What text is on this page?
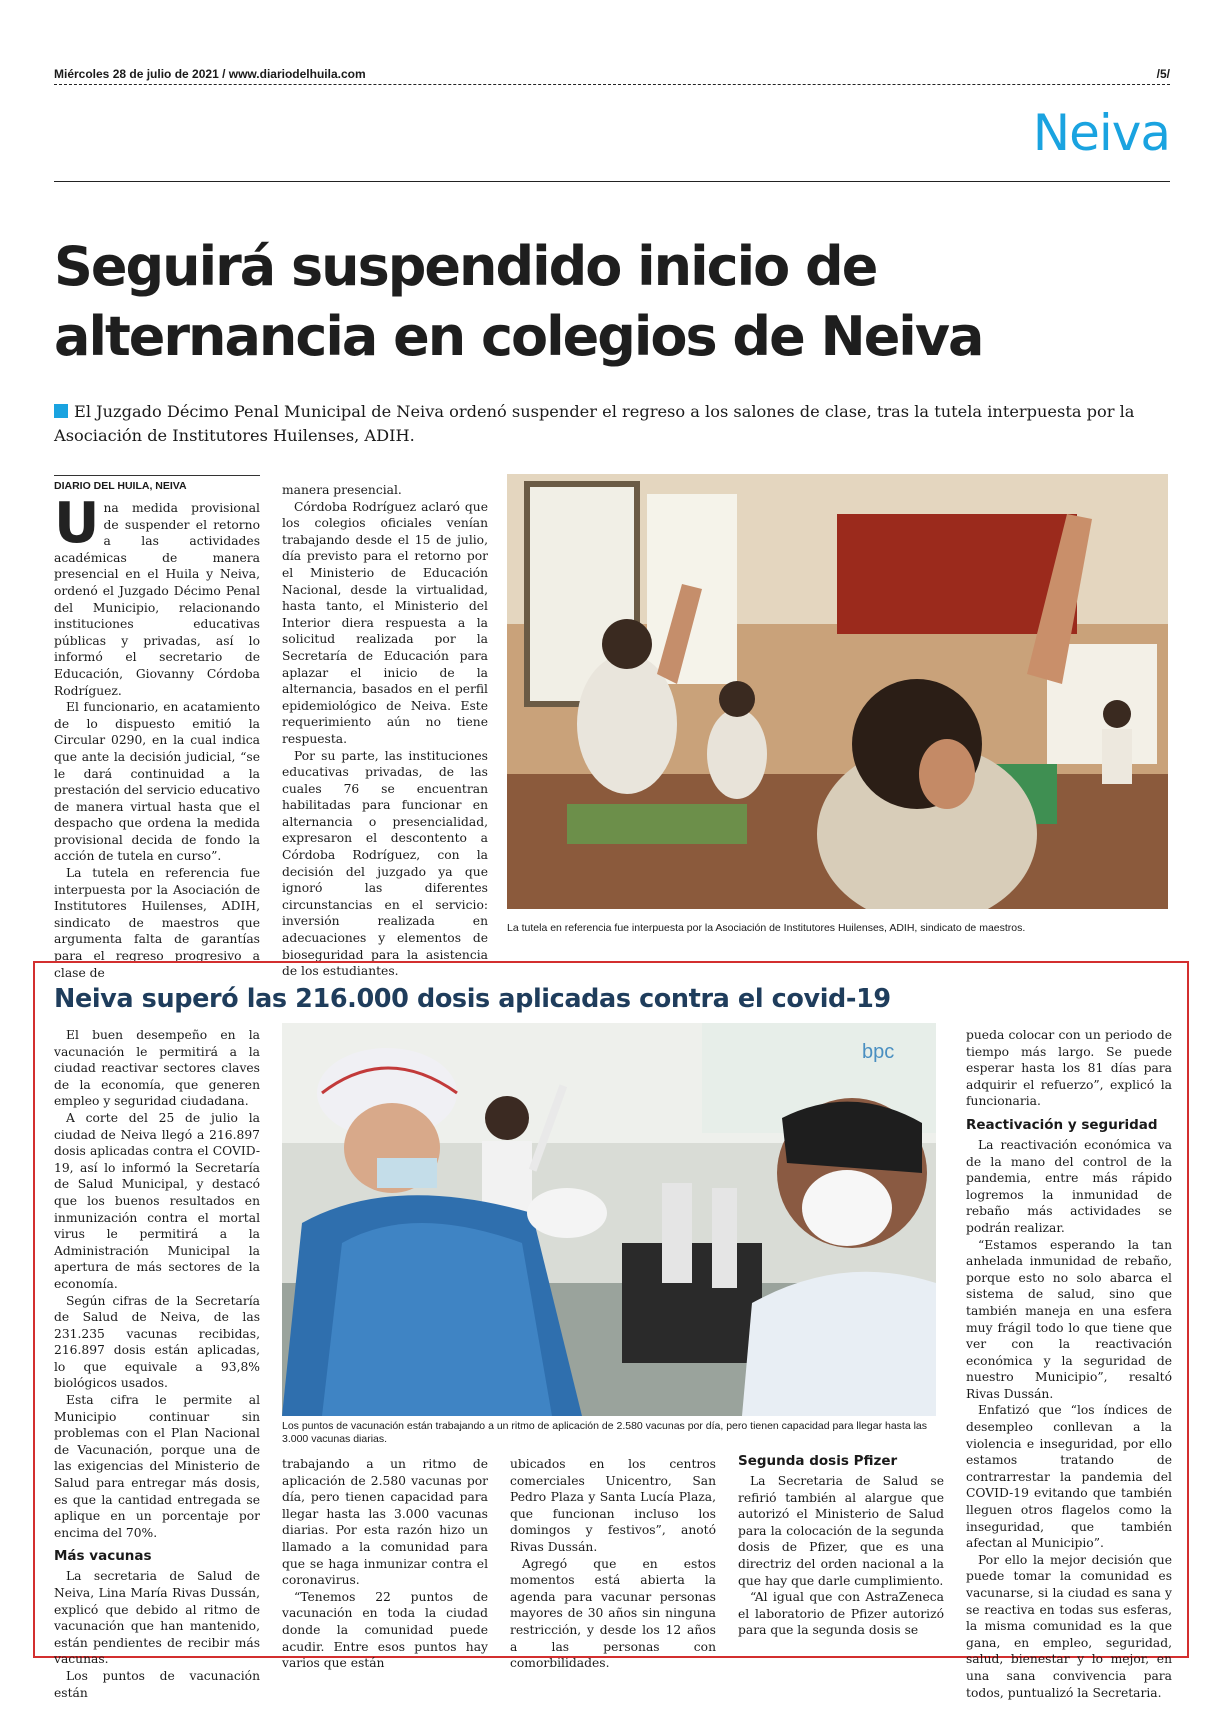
Miércoles 28 de julio de 2021 / www.diariodelhuila.com	/5/
Neiva
Seguirá suspendido inicio de
alternancia en colegios de Neiva
El Juzgado Décimo Penal Municipal de Neiva ordenó suspender el regreso a los salones de clase, tras la tutela interpuesta por la Asociación de Institutores Huilenses, ADIH.
DIARIO DEL HUILA, NEIVA

Una medida provisional de suspender el retorno a las actividades académicas de manera presencial en el Huila y Neiva, ordenó el Juzgado Décimo Penal del Municipio, relacionando instituciones educativas públicas y privadas, así lo informó el secretario de Educación, Giovanny Córdoba Rodríguez.

El funcionario, en acatamiento de lo dispuesto emitió la Circular 0290, en la cual indica que ante la decisión judicial, “se le dará continuidad a la prestación del servicio educativo de manera virtual hasta que el despacho que ordena la medida provisional decida de fondo la acción de tutela en curso”.

La tutela en referencia fue interpuesta por la Asociación de Institutores Huilenses, ADIH, sindicato de maestros que argumenta falta de garantías para el regreso progresivo a clase de

manera presencial.

Córdoba Rodríguez aclaró que los colegios oficiales venían trabajando desde el 15 de julio, día previsto para el retorno por el Ministerio de Educación Nacional, desde la virtualidad, hasta tanto, el Ministerio del Interior diera respuesta a la solicitud realizada por la Secretaría de Educación para aplazar el inicio de la alternancia, basados en el perfil epidemiológico de Neiva. Este requerimiento aún no tiene respuesta.

Por su parte, las instituciones educativas privadas, de las cuales 76 se encuentran habilitadas para funcionar en alternancia o presencialidad, expresaron el descontento a Córdoba Rodríguez, con la decisión del juzgado ya que ignoró las diferentes circunstancias en el servicio: inversión realizada en adecuaciones y elementos de bioseguridad para la asistencia de los estudiantes.

La tutela en referencia fue interpuesta por la Asociación de Institutores Huilenses, ADIH, sindicato de maestros.
Neiva superó las 216.000 dosis aplicadas contra el covid-19

El buen desempeño en la vacunación le permitirá a la ciudad reactivar sectores claves de la economía, que generen empleo y seguridad ciudadana.

A corte del 25 de julio la ciudad de Neiva llegó a 216.897 dosis aplicadas contra el COVID-19, así lo informó la Secretaría de Salud Municipal, y destacó que los buenos resultados en inmunización contra el mortal virus le permitirá a la Administración Municipal la apertura de más sectores de la economía.

Según cifras de la Secretaría de Salud de Neiva, de las 231.235 vacunas recibidas, 216.897 dosis están aplicadas, lo que equivale a 93,8% biológicos usados.

Esta cifra le permite al Municipio continuar sin problemas con el Plan Nacional de Vacunación, porque una de las exigencias del Ministerio de Salud para entregar más dosis, es que la cantidad entregada se aplique en un porcentaje por encima del 70%.

Más vacunas

La secretaria de Salud de Neiva, Lina María Rivas Dussán, explicó que debido al ritmo de vacunación que han mantenido, están pendientes de recibir más vacunas.

Los puntos de vacunación están

bpc
Los puntos de vacunación están trabajando a un ritmo de aplicación de 2.580 vacunas por día, pero tienen capacidad para llegar hasta las 3.000 vacunas diarias.

trabajando a un ritmo de aplicación de 2.580 vacunas por día, pero tienen capacidad para llegar hasta las 3.000 vacunas diarias. Por esta razón hizo un llamado a la comunidad para que se haga inmunizar contra el coronavirus.

“Tenemos 22 puntos de vacunación en toda la ciudad donde la comunidad puede acudir. Entre esos puntos hay varios que están

ubicados en los centros comerciales Unicentro, San Pedro Plaza y Santa Lucía Plaza, que funcionan incluso los domingos y festivos”, anotó Rivas Dussán.

Agregó que en estos momentos está abierta la agenda para vacunar personas mayores de 30 años sin ninguna restricción, y desde los 12 años a las personas con comorbilidades.

Segunda dosis Pfizer

La Secretaria de Salud se refirió también al alargue que autorizó el Ministerio de Salud para la colocación de la segunda dosis de Pfizer, que es una directriz del orden nacional a la que hay que darle cumplimiento.

“Al igual que con AstraZeneca el laboratorio de Pfizer autorizó para que la segunda dosis se

pueda colocar con un periodo de tiempo más largo. Se puede esperar hasta los 81 días para adquirir el refuerzo”, explicó la funcionaria.

Reactivación y seguridad

La reactivación económica va de la mano del control de la pandemia, entre más rápido logremos la inmunidad de rebaño más actividades se podrán realizar.

“Estamos esperando la tan anhelada inmunidad de rebaño, porque esto no solo abarca el sistema de salud, sino que también maneja en una esfera muy frágil todo lo que tiene que ver con la reactivación económica y la seguridad de nuestro Municipio”, resaltó Rivas Dussán.

Enfatizó que “los índices de desempleo conllevan a la violencia e inseguridad, por ello estamos tratando de contrarrestar la pandemia del COVID-19 evitando que también lleguen otros flagelos como la inseguridad, que también afectan al Municipio”.

Por ello la mejor decisión que puede tomar la comunidad es vacunarse, si la ciudad es sana y se reactiva en todas sus esferas, la misma comunidad es la que gana, en empleo, seguridad, salud, bienestar y lo mejor, en una sana convivencia para todos, puntualizó la Secretaria.
